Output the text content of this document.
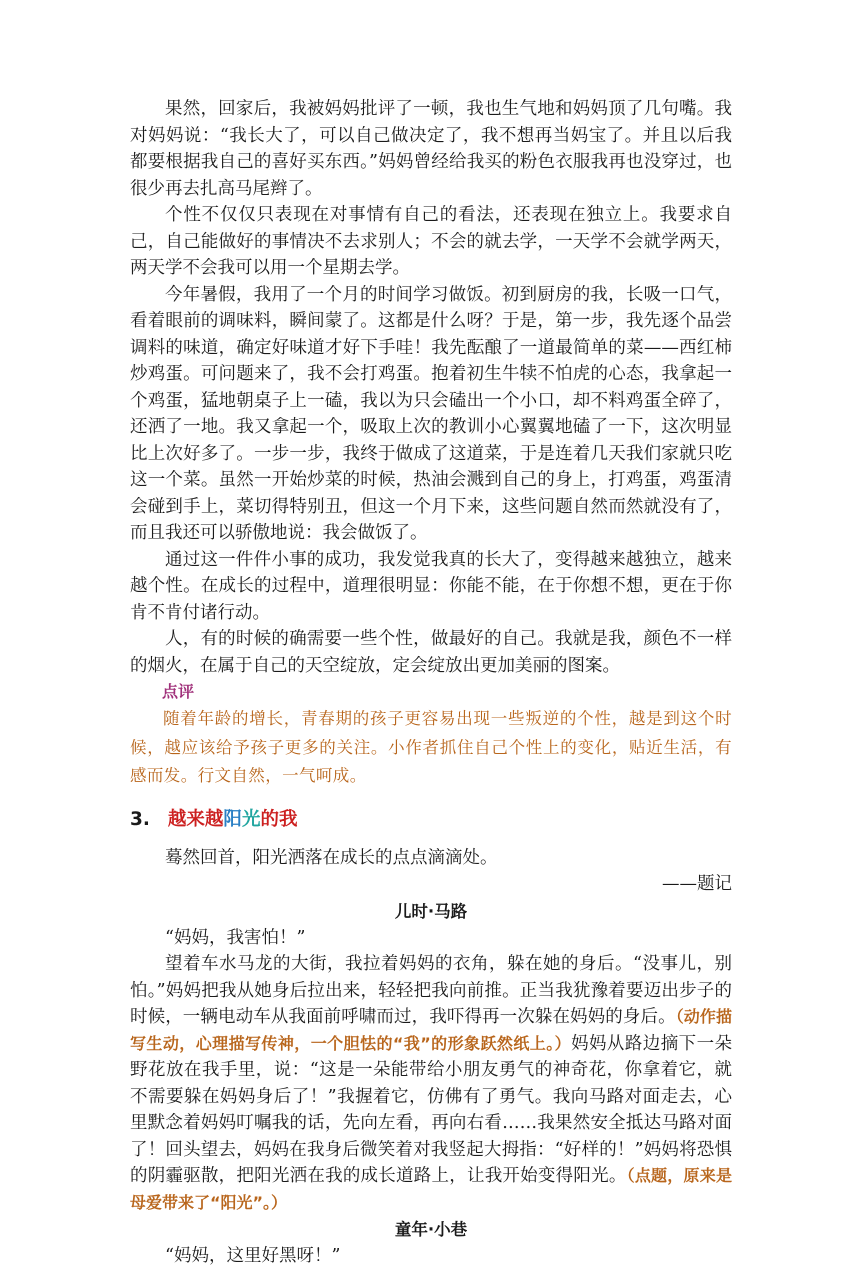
果然，回家后，我被妈妈批评了一顿，我也生气地和妈妈顶了几句嘴。我对妈妈说：“我长大了，可以自己做决定了，我不想再当妈宝了。并且以后我都要根据我自己的喜好买东西。”妈妈曾经给我买的粉色衣服我再也没穿过，也很少再去扎高马尾辫了。

个性不仅仅只表现在对事情有自己的看法，还表现在独立上。我要求自己，自己能做好的事情决不去求别人；不会的就去学，一天学不会就学两天，两天学不会我可以用一个星期去学。

今年暑假，我用了一个月的时间学习做饭。初到厨房的我，长吸一口气，看着眼前的调味料，瞬间蒙了。这都是什么呀？于是，第一步，我先逐个品尝调料的味道，确定好味道才好下手哇！我先酝酿了一道最简单的菜——西红柿炒鸡蛋。可问题来了，我不会打鸡蛋。抱着初生牛犊不怕虎的心态，我拿起一个鸡蛋，猛地朝桌子上一磕，我以为只会磕出一个小口，却不料鸡蛋全碎了，还洒了一地。我又拿起一个，吸取上次的教训小心翼翼地磕了一下，这次明显比上次好多了。一步一步，我终于做成了这道菜，于是连着几天我们家就只吃这一个菜。虽然一开始炒菜的时候，热油会溅到自己的身上，打鸡蛋，鸡蛋清会碰到手上，菜切得特别丑，但这一个月下来，这些问题自然而然就没有了，而且我还可以骄傲地说：我会做饭了。

通过这一件件小事的成功，我发觉我真的长大了，变得越来越独立，越来越个性。在成长的过程中，道理很明显：你能不能，在于你想不想，更在于你肯不肯付诸行动。

人，有的时候的确需要一些个性，做最好的自己。我就是我，颜色不一样的烟火，在属于自己的天空绽放，定会绽放出更加美丽的图案。

点评

随着年龄的增长，青春期的孩子更容易出现一些叛逆的个性，越是到这个时候，越应该给予孩子更多的关注。小作者抓住自己个性上的变化，贴近生活，有感而发。行文自然，一气呵成。

3. 越来越阳光的我

蓦然回首，阳光洒落在成长的点点滴滴处。

——题记

儿时·马路

“妈妈，我害怕！”

望着车水马龙的大街，我拉着妈妈的衣角，躲在她的身后。“没事儿，别怕。”妈妈把我从她身后拉出来，轻轻把我向前推。正当我犹豫着要迈出步子的时候，一辆电动车从我面前呼啸而过，我吓得再一次躲在妈妈的身后。（动作描写生动，心理描写传神，一个胆怯的“我”的形象跃然纸上。）妈妈从路边摘下一朵野花放在我手里，说：“这是一朵能带给小朋友勇气的神奇花，你拿着它，就不需要躲在妈妈身后了！”我握着它，仿佛有了勇气。我向马路对面走去，心里默念着妈妈叮嘱我的话，先向左看，再向右看……我果然安全抵达马路对面了！回头望去，妈妈在我身后微笑着对我竖起大拇指：“好样的！”妈妈将恐惧的阴霾驱散，把阳光洒在我的成长道路上，让我开始变得阳光。（点题，原来是母爱带来了“阳光”。）

童年·小巷

“妈妈，这里好黑呀！”
